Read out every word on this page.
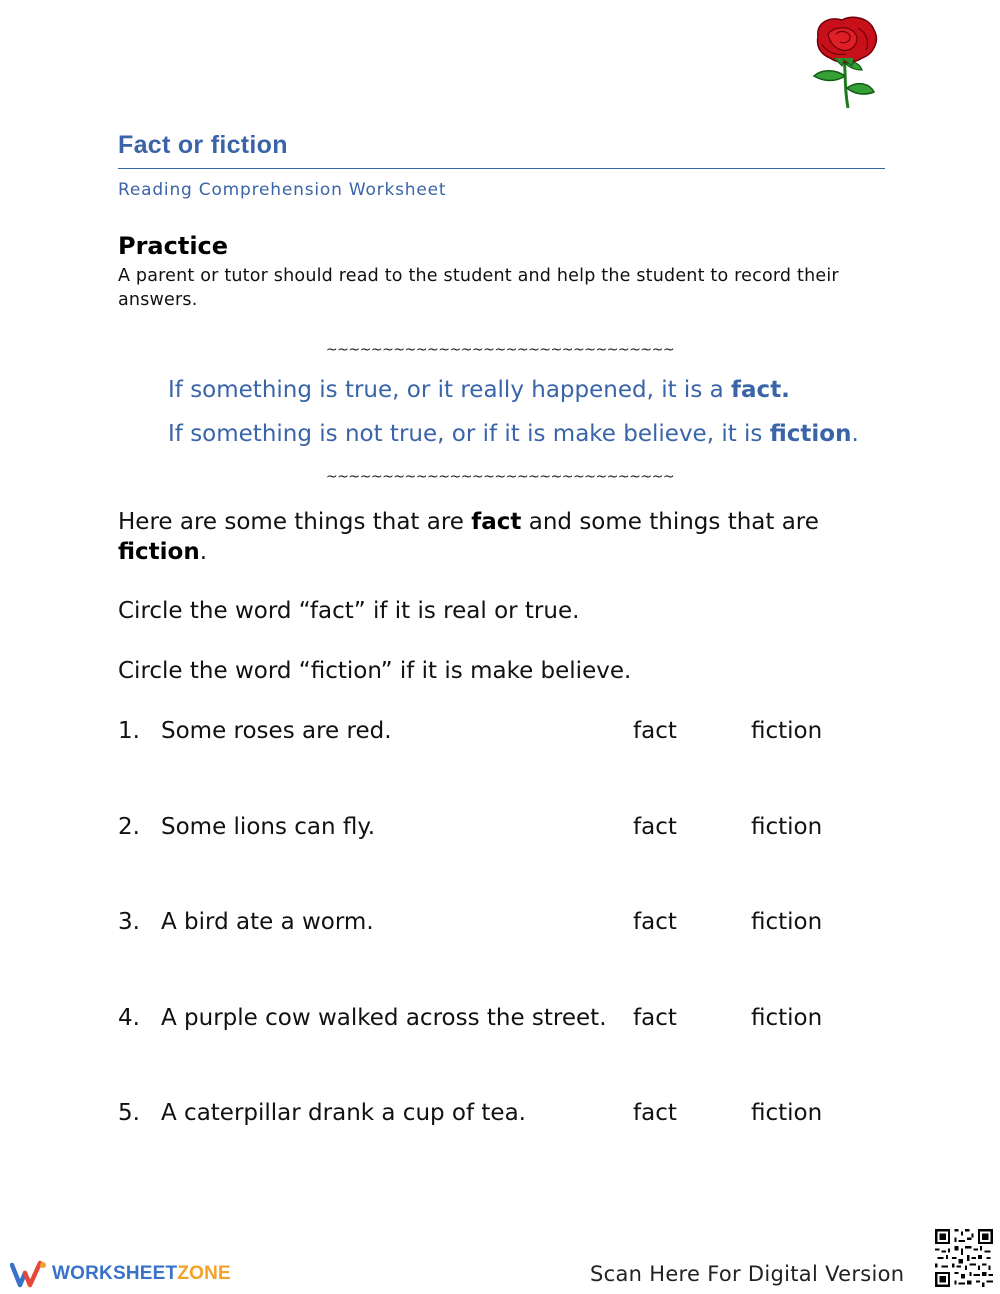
Fact or fiction
Reading Comprehension Worksheet
Practice
A parent or tutor should read to the student and help the student to record their answers.
~~~~~~~~~~~~~~~~~~~~~~~~~~~~~~~
If something is true, or it really happened, it is a fact.
If something is not true, or if it is make believe, it is fiction.
~~~~~~~~~~~~~~~~~~~~~~~~~~~~~~~
Here are some things that are fact and some things that are fiction.
Circle the word “fact” if it is real or true.
Circle the word “fiction” if it is make believe.
1. Some roses are red.	fact	fiction
2. Some lions can fly.	fact	fiction
3. A bird ate a worm.	fact	fiction
4. A purple cow walked across the street. fact	fiction
5. A caterpillar drank a cup of tea.	fact	fiction
WORKSHEETZONE	Scan Here For Digital Version
